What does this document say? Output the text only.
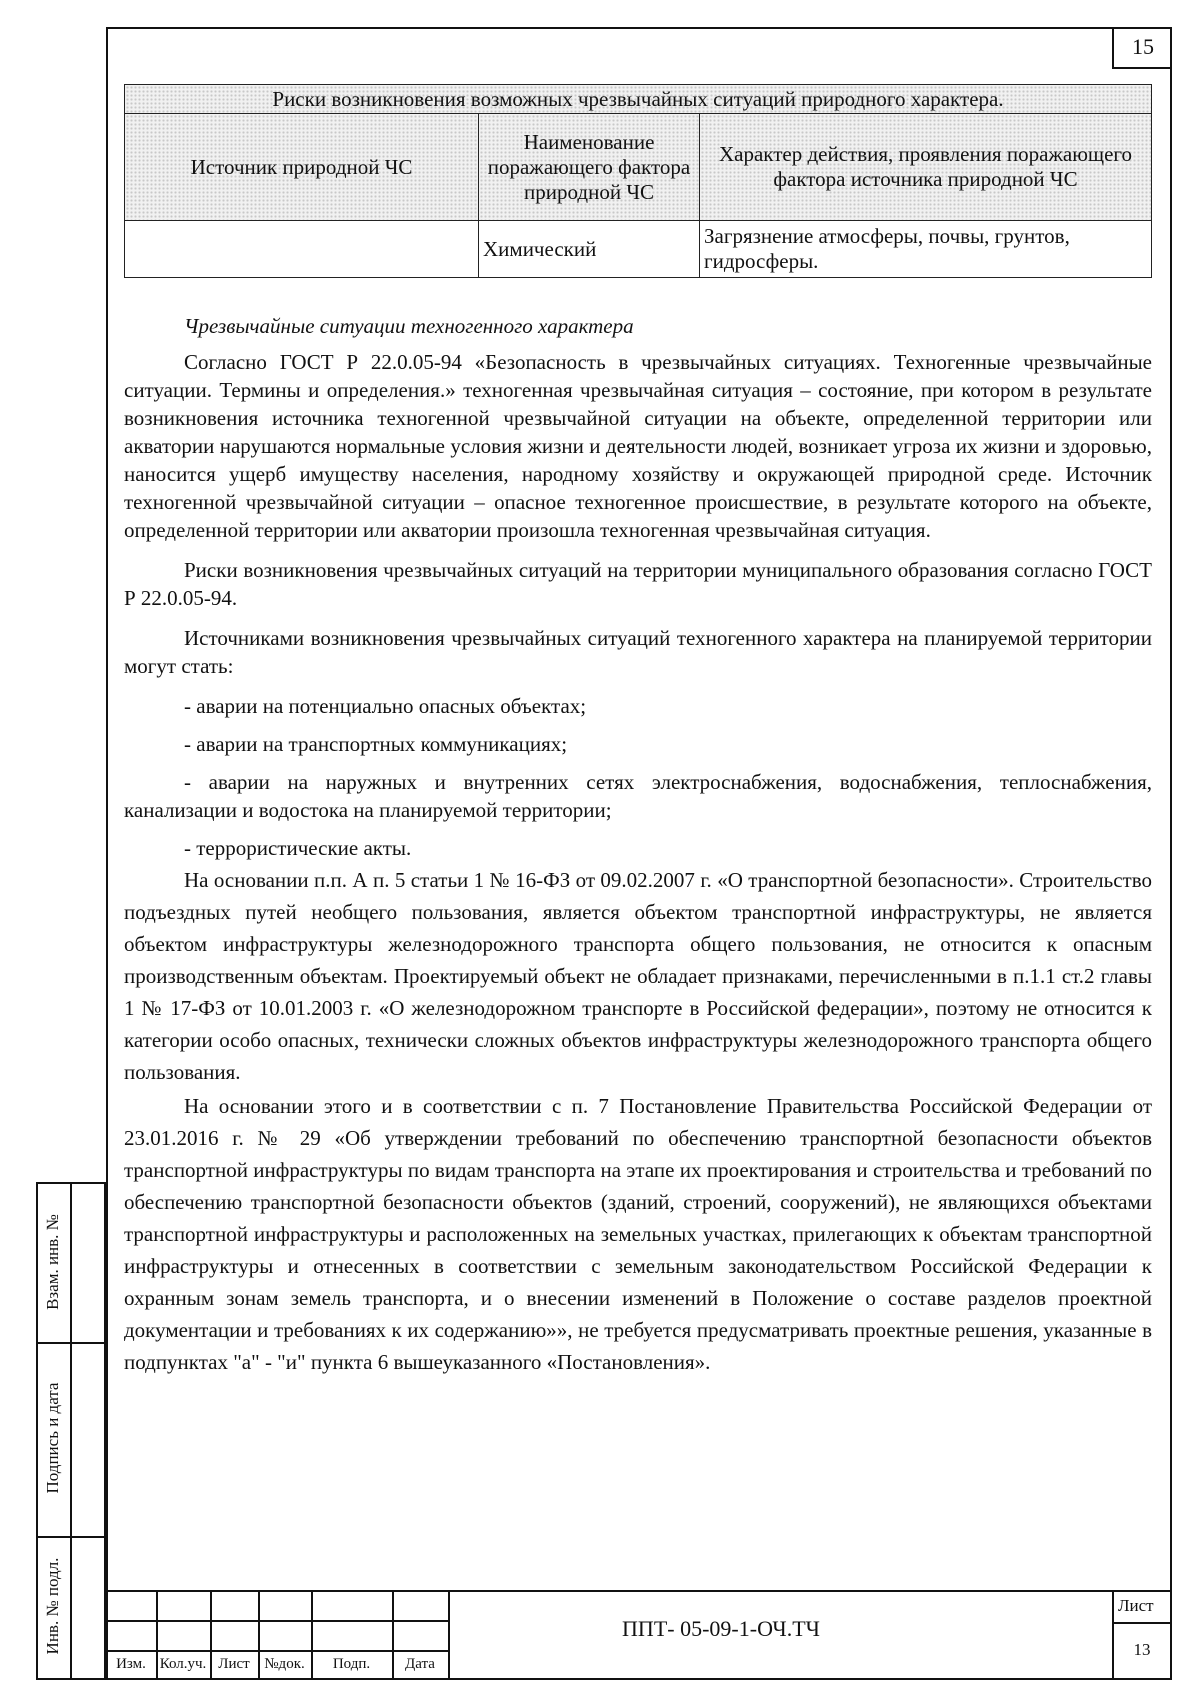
15
Риски возникновения возможных чрезвычайных ситуаций природного характера.		
Источник природной ЧС	Наименование поражающего фактора природной ЧС	Характер действия, проявления поражающего фактора источника природной ЧС
	Химический	Загрязнение атмосферы, почвы, грунтов, гидросферы.
Чрезвычайные ситуации техногенного характера

Согласно ГОСТ Р 22.0.05-94 «Безопасность в чрезвычайных ситуациях. Техногенные чрезвычайные ситуации. Термины и определения.» техногенная чрезвычайная ситуация – состояние, при котором в результате возникновения источника техногенной чрезвычайной ситуации на объекте, определенной территории или акватории нарушаются нормальные условия жизни и деятельности людей, возникает угроза их жизни и здоровью, наносится ущерб имуществу населения, народному хозяйству и окружающей природной среде. Источник техногенной чрезвычайной ситуации – опасное техногенное происшествие, в результате которого на объекте, определенной территории или акватории произошла техногенная чрезвычайная ситуация.

Риски возникновения чрезвычайных ситуаций на территории муниципального образования согласно ГОСТ Р 22.0.05-94.

Источниками возникновения чрезвычайных ситуаций техногенного характера на планируемой территории могут стать:

- аварии на потенциально опасных объектах;

- аварии на транспортных коммуникациях;

- аварии на наружных и внутренних сетях электроснабжения, водоснабжения, теплоснабжения, канализации и водостока на планируемой территории;

- террористические акты.

На основании п.п. А п. 5 статьи 1 № 16-ФЗ от 09.02.2007 г. «О транспортной безопасности». Строительство подъездных путей необщего пользования, является объектом транспортной инфраструктуры, не является объектом инфраструктуры железнодорожного транспорта общего пользования, не относится к опасным производственным объектам. Проектируемый объект не обладает признаками, перечисленными в п.1.1 ст.2 главы 1 № 17-ФЗ от 10.01.2003 г. «О железнодорожном транспорте в Российской федерации», поэтому не относится к категории особо опасных, технически сложных объектов инфраструктуры железнодорожного транспорта общего пользования.

На основании этого и в соответствии с п. 7 Постановление Правительства Российской Федерации от 23.01.2016 г. № 29 «Об утверждении требований по обеспечению транспортной безопасности объектов транспортной инфраструктуры по видам транспорта на этапе их проектирования и строительства и требований по обеспечению транспортной безопасности объектов (зданий, строений, сооружений), не являющихся объектами транспортной инфраструктуры и расположенных на земельных участках, прилегающих к объектам транспортной инфраструктуры и отнесенных в соответствии с земельным законодательством Российской Федерации к охранным зонам земель транспорта, и о внесении изменений в Положение о составе разделов проектной документации и требованиях к их содержанию»», не требуется предусматривать проектные решения, указанные в подпунктах "а" - "и" пункта 6 вышеуказанного «Постановления».

Изм. Кол.уч. Лист №док.	Подп.	Дата
ППТ- 05-09-1-ОЧ.ТЧ
Лист
13
Инв. № подл.
Подпись и дата
Взам. инв. №
